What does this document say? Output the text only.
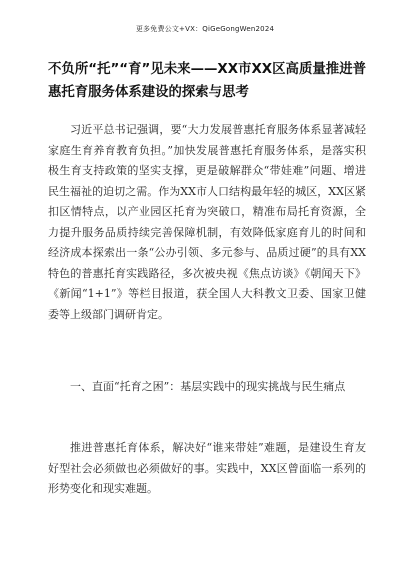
更多免费公文+VX：QiGeGongWen2024
不负所“托”“育”见未来——XX市XX区高质量推进普惠托育服务体系建设的探索与思考
习近平总书记强调，要“大力发展普惠托育服务体系显著减轻家庭生育养育教育负担。”加快发展普惠托育服务体系，是落实积极生育支持政策的坚实支撑，更是破解群众“带娃难”问题、增进民生福祉的迫切之需。作为XX市人口结构最年轻的城区，XX区紧扣区情特点，以产业园区托育为突破口，精准布局托育资源，全力提升服务品质持续完善保障机制，有效降低家庭育儿的时间和经济成本探索出一条“公办引领、多元参与、品质过硬”的具有XX特色的普惠托育实践路径，多次被央视《焦点访谈》《朝闻天下》《新闻“1+1”》等栏目报道，获全国人大科教文卫委、国家卫健委等上级部门调研肯定。
一、直面“托育之困”：基层实践中的现实挑战与民生痛点
推进普惠托育体系，解决好“谁来带娃”难题，是建设生育友好型社会必须做也必须做好的事。实践中，XX区曾面临一系列的形势变化和现实难题。
